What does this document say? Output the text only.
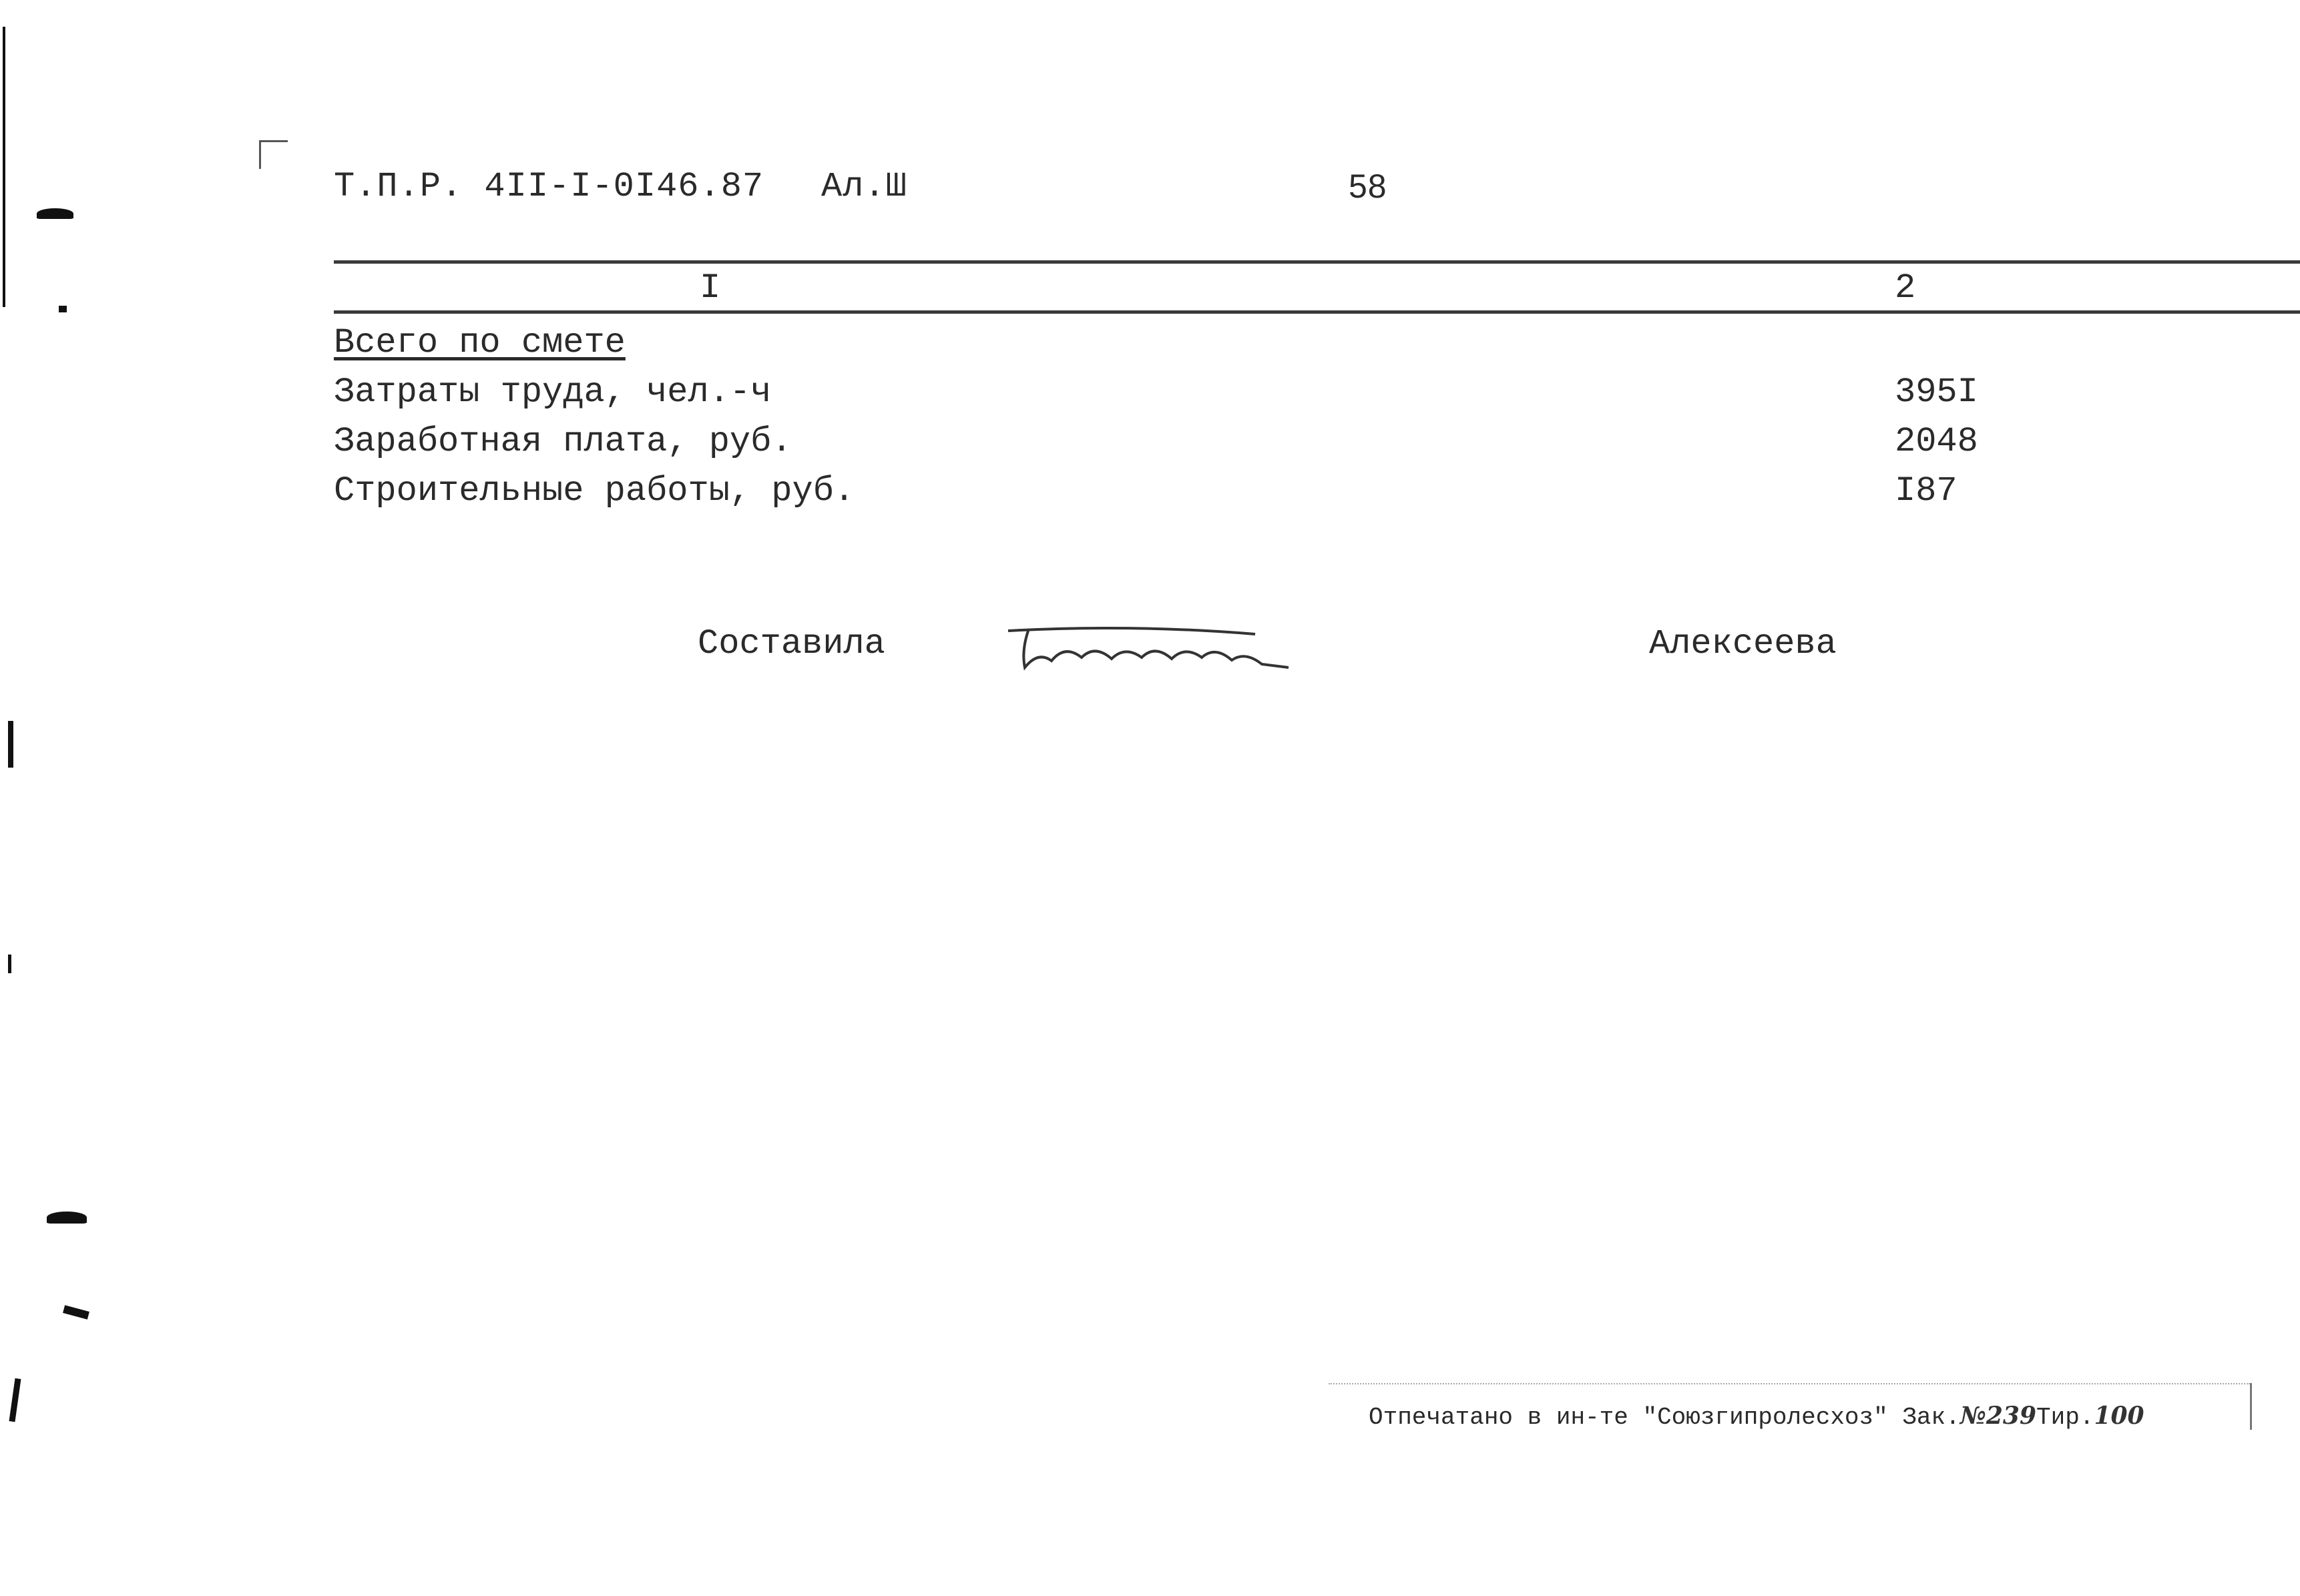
Т.П.Р. 4II-I-0I46.87 Ал.Ш	58
I	2
Всего по смете
Затраты труда, чел.-ч	395I
Заработная плата, руб.	2048
Строительные работы, руб.	I87
Составила	Алексеева
Отпечатано в ин-те "Союзгипролесхоз" Зак.№239Тир.100
